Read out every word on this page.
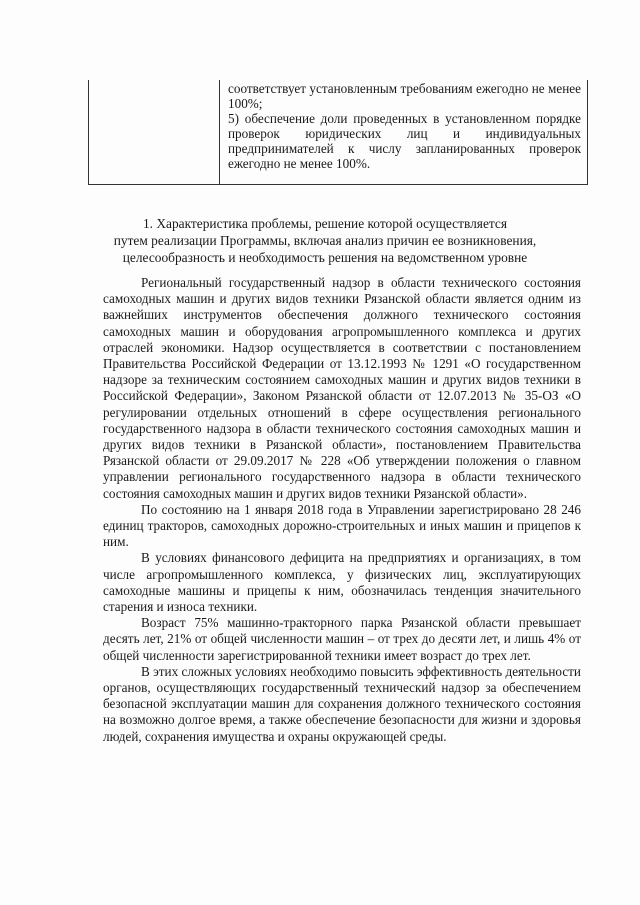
соответствует установленным требованиям ежегодно не менее 100%;

5) обеспечение доли проведенных в установленном порядке проверок юридических лиц и индивидуальных предпринимателей к числу запланированных проверок ежегодно не менее 100%.

1. Характеристика проблемы, решение которой осуществляется
путем реализации Программы, включая анализ причин ее возникновения,
целесообразность и необходимость решения на ведомственном уровне

Региональный государственный надзор в области технического состояния самоходных машин и других видов техники Рязанской области является одним из важнейших инструментов обеспечения должного технического состояния самоходных машин и оборудования агропромышленного комплекса и других отраслей экономики. Надзор осуществляется в соответствии с постановлением Правительства Российской Федерации от 13.12.1993 № 1291 «О государственном надзоре за техническим состоянием самоходных машин и других видов техники в Российской Федерации», Законом Рязанской области от 12.07.2013 № 35-ОЗ «О регулировании отдельных отношений в сфере осуществления регионального государственного надзора в области технического состояния самоходных машин и других видов техники в Рязанской области», постановлением Правительства Рязанской области от 29.09.2017 № 228 «Об утверждении положения о главном управлении регионального государственного надзора в области технического состояния самоходных машин и других видов техники Рязанской области».

По состоянию на 1 января 2018 года в Управлении зарегистрировано 28 246 единиц тракторов, самоходных дорожно-строительных и иных машин и прицепов к ним.

В условиях финансового дефицита на предприятиях и организациях, в том числе агропромышленного комплекса, у физических лиц, эксплуатирующих самоходные машины и прицепы к ним, обозначилась тенденция значительного старения и износа техники.

Возраст 75% машинно-тракторного парка Рязанской области превышает десять лет, 21% от общей численности машин – от трех до десяти лет, и лишь 4% от общей численности зарегистрированной техники имеет возраст до трех лет.

В этих сложных условиях необходимо повысить эффективность деятельности органов, осуществляющих государственный технический надзор за обеспечением безопасной эксплуатации машин для сохранения должного технического состояния на возможно долгое время, а также обеспечение безопасности для жизни и здоровья людей, сохранения имущества и охраны окружающей среды.
